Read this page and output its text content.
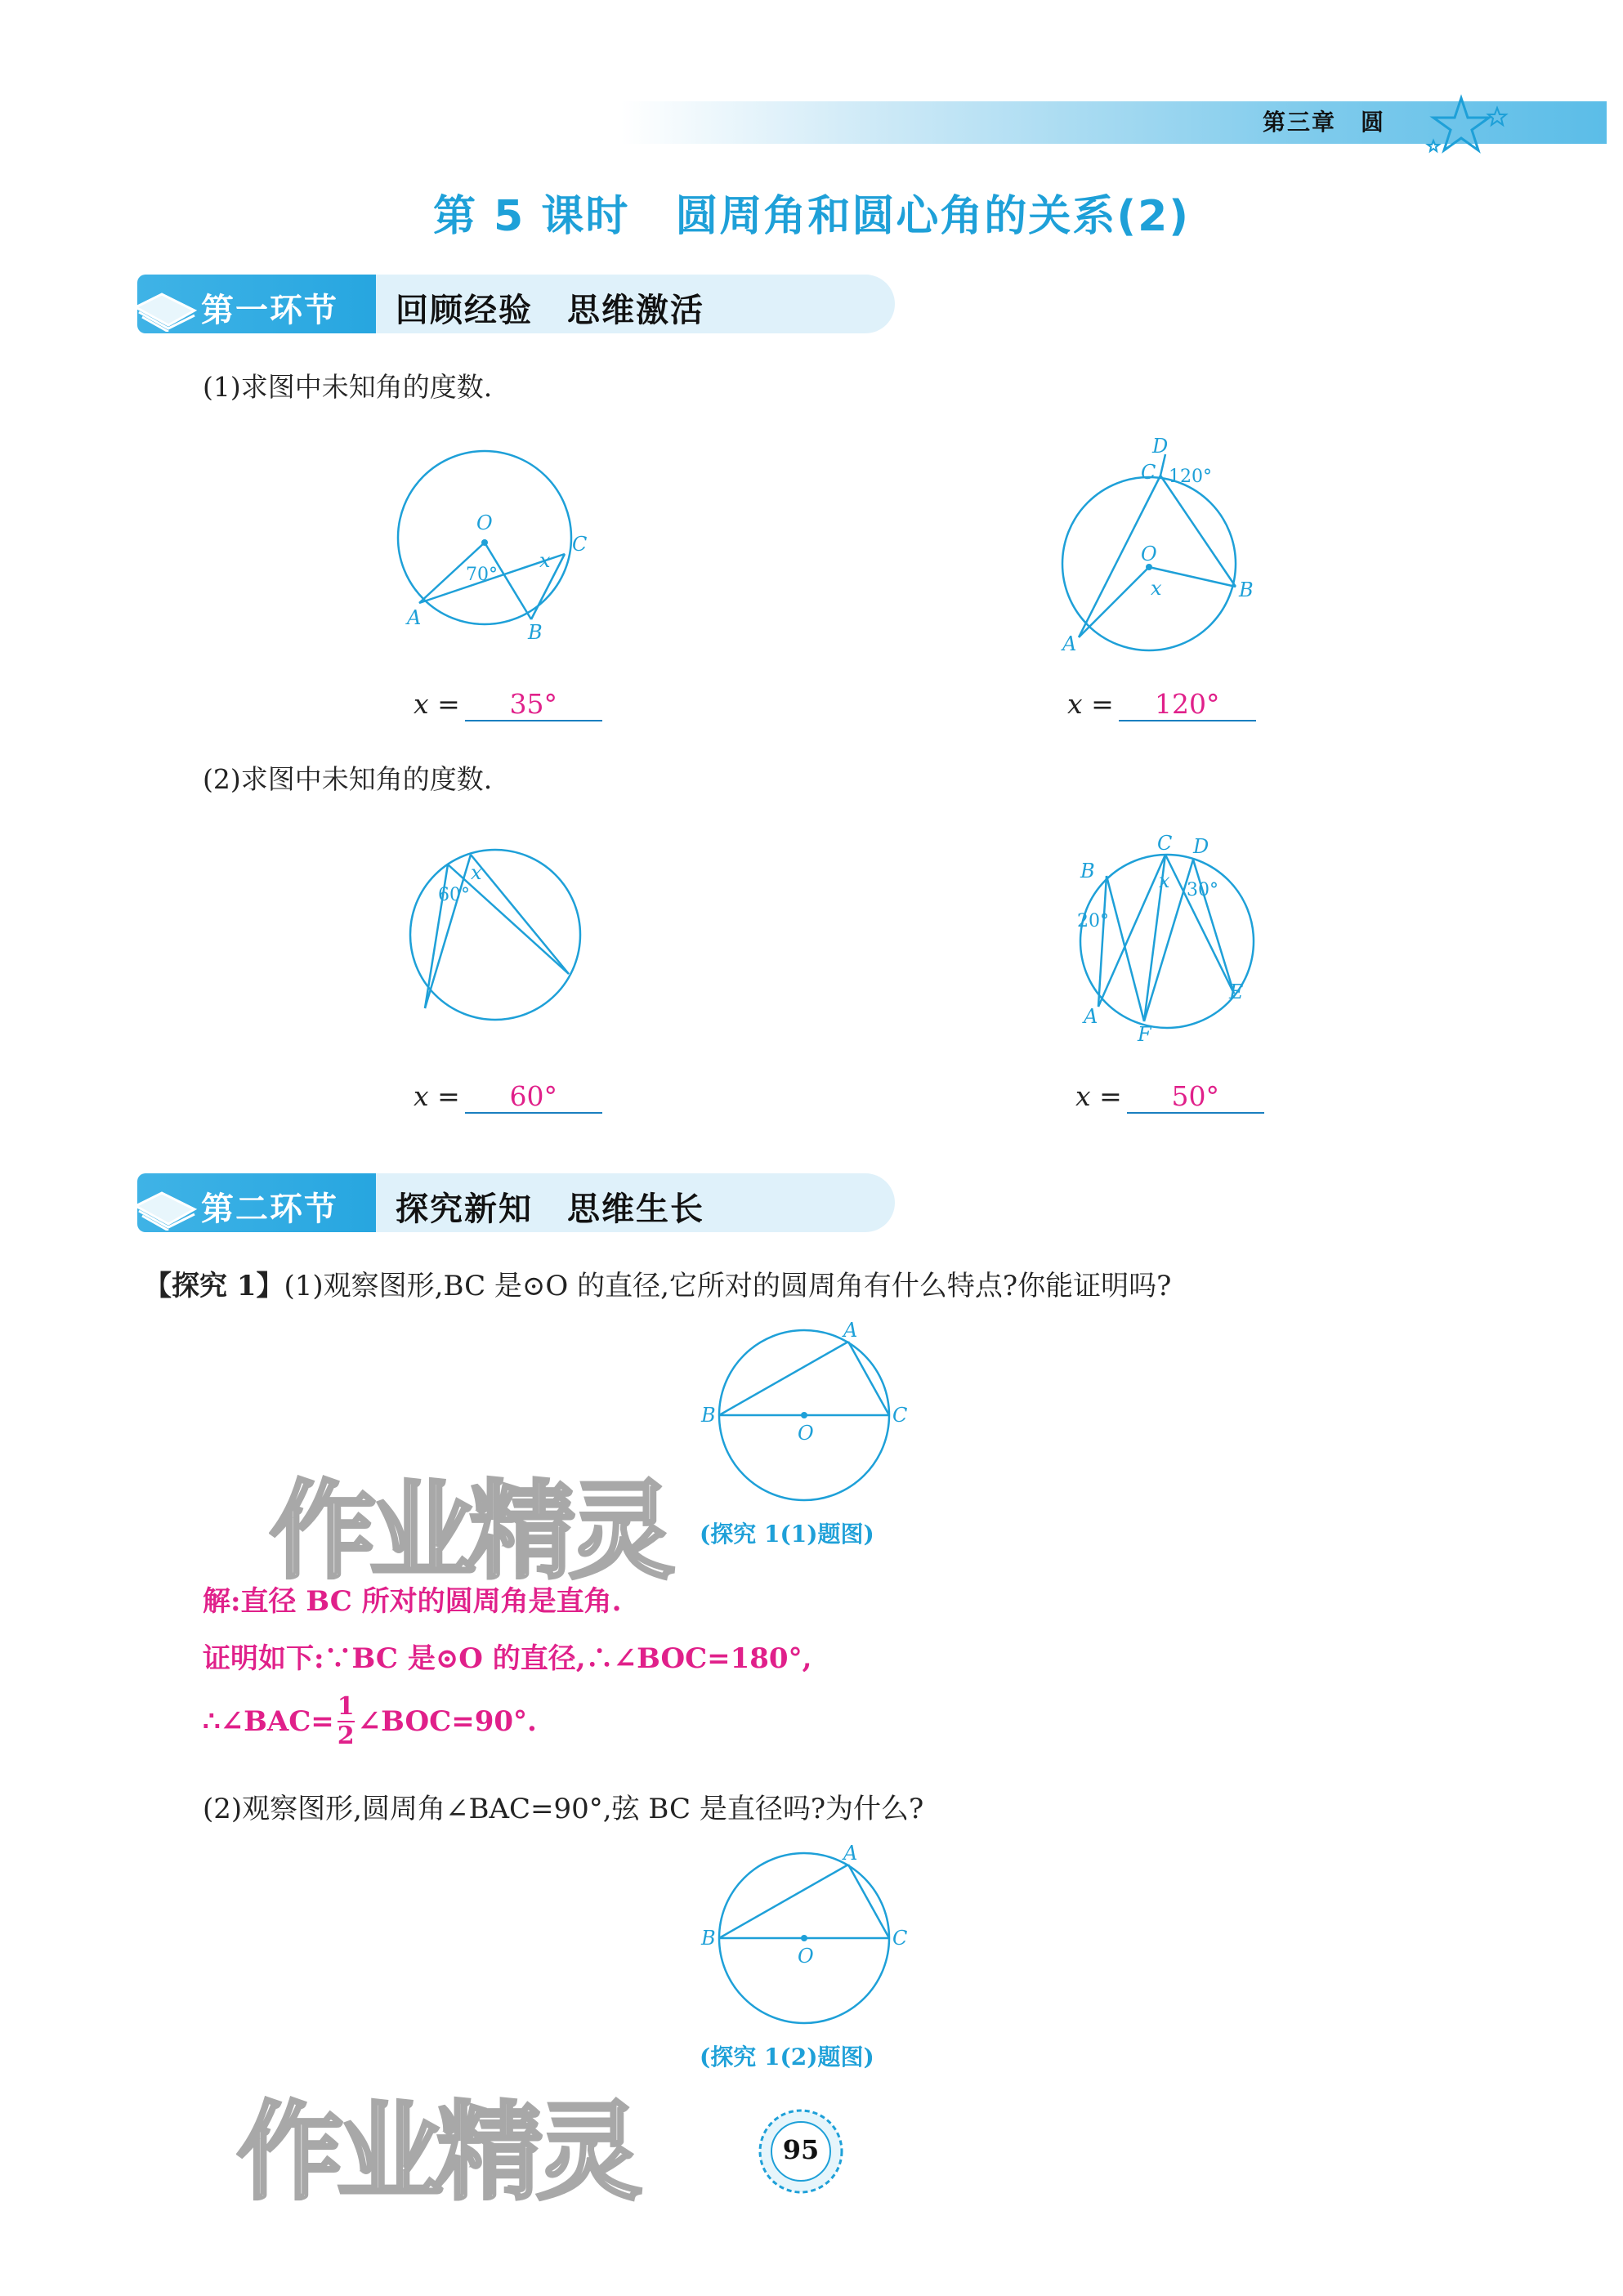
第三章 圆
第 5 课时 圆周角和圆心角的关系(2)
第一环节 回顾经验　思维激活
(1)求图中未知角的度数.
O
A
B
C
70°
x
x = 35°
D
C 120°
O
x
A
B
x = 120°
(2)求图中未知角的度数.
60°
x
x = 60°
C D
B
20°
x 30°
A
E
F
x = 50°
第二环节 探究新知　思维生长
【探究 1】(1)观察图形,BC 是⊙O 的直径,它所对的圆周角有什么特点?你能证明吗?
A
B	C
O
(探究 1(1)题图)
作业精灵
解:直径 BC 所对的圆周角是直角.
证明如下:∵BC 是⊙O 的直径,∴∠BOC=180°,
∴∠BAC= $\frac{1}{2}$ ∠BOC=90°.
(2)观察图形,圆周角∠BAC=90°,弦 BC 是直径吗?为什么?
A
B	C
O
(探究 1(2)题图)
作业精灵	95
